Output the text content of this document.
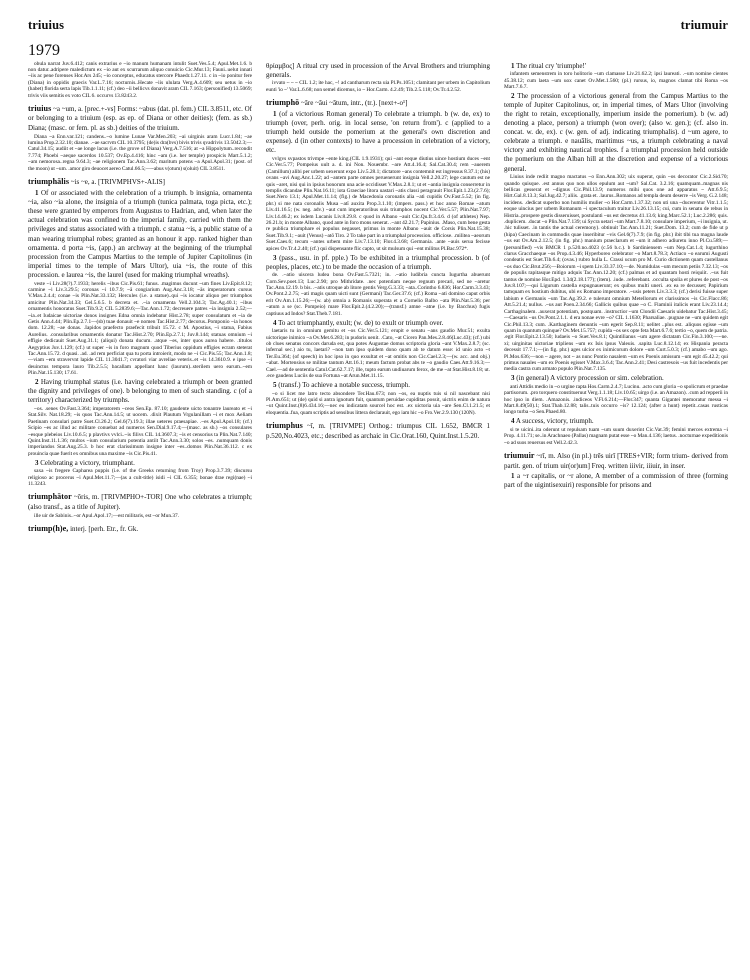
triuius	triumuir
1979
obula narrat Juv.6.412; canis extrarius e ~io manum humanam intulit Suet.Ves.5.4; Apul.Met.1.6. b non datur..adripere maledictum ex ~io aut ex scurrarum aliquo conuicio Cic.Mur.13; Fauni..uelut innati ~iis ac pene forenses Hor.Ars 245; ~io conceptus, educatus stercore Phaedr.1.27.11. c in ~io ponitur fere (Diana) in oppidis graecis Var.L.7.16; nocturnis..Hecate ~iis ululata Verg.A.4.609; seu uetus in ~io (habet) florida serta lapis Tib.1.1.11; (cf.) deo ~ii bellicvs donavit aram CIL 7.163; (personified) 13.5069; trivis viis semitis ex voto CIL 6. occurvs 13.8243.2.
triuius ~a ~um, a. [prec.+-vs] Forms: ~abus (dat. pl. fem.) CIL 3.8511, etc. Of or belonging to a triuium (esp. as ep. of Diana or other deities); (fem. as sb.) Diana; (masc. or fem. pl. as sb.) deities of the triuium.
Diana ~a Enn.var.121; candens..~o lumine Lunae Var.Men.203; ~ai uirginis aram Lucr.1.84; ~ae lumina Prop.2.32.10; dianae. .~ae sacrvm CIL 10.3795; (de)is dra(bvs) bivis trivis qvadrivis 13.5042.3;—Catul.34.15; audiit et ~ae longe lacus (i.e. the grove of Diana) Verg.A.7.516; at ~a Hippolytum..recondit 7.774; Phoebi ~aeque sacerdos 10.537; Ov.Ep.4.416; hinc ~am (i.e. her temple) prospicis Mart.5.1.2; ~am nemorosa..regna 9.64.3; ~ae religionem Tac.Ann.3.62; maritum potens ~a Apul.Apol.31; (post. of the moon) ut ~um. .amor giro deuocet aereo Catul.66.5;—~abus v(otum) s(oluit) CIL 3.8511.
triumphālis ~is ~e, a. [TRIVMPHVS+-ALIS]
1 Of or associated with the celebration of a triumph. b insignia, ornamenta ~ia, also ~ia alone, the insignia of a triumph (tunica palmata, toga picta, etc.); these were granted by emperors from Augustus to Hadrian, and, when later the actual celebration was confined to the imperial family, carried with them the privileges and status associated with a triumph. c statua ~is, a public statue of a man wearing triumphal robes; granted as an honour it app. ranked higher than ornamenta. d porta ~is, (app.) an archway at the beginning of the triumphal procession from the Campus Martius to the temple of Jupiter Capitolinus (in imperial times to the temple of Mars Ultor), uia ~is, the route of this procession. e laurea ~is, the laurel (used for making triumphal wreaths).
veste ~i Liv.28(?).7.1933; herelis ~ibus Cic.Pis.61; funus. .magimus ducunt ~um fines Liv.Epit.8.12; carmine ~i Liv.3.29.5; coronas ~i 10.7.9; ~ā congiarium Aug.Anc.3.18; ~ās imperatorum cursus V.Max.2.4.4; conae ~is Plin.Nat.33.132; Hercules (i.e. a statue)..qui ~is iocatur aliquo per triumphos amicitur Plin.Nat.34.33; Gel.5.6.5. b decreta et. .~ia ornamenta Vell.2.104.3; Tac.Ag.40.1; ~ibus ornamentis honoratus Suet.Tib.9.2; CIL 5.2839.6;—Tac.Ann.1.72; decreuere patres ~ia insignia 2.52;—~ia..et Iudaicae uictoriae donos insignes Edna omnia indebatur Hist.2.78; super consulatum et ~ia de Getis Ann.4.44; Plin.Ep.2.7.1—(sb) tuae donauit ~e nomen Tac.Hist.2.77; decorus..Pomponio ~ia honos dom. 12.28; ~ae donas. .Iapidos praefecto praefecit tribuit 15.72. c M. Apostius, ~i statua, Fabius Aurelius. .consularibus ornamentis donatur Tac.Hist.2.70; Plin.Ep.2.7.1; Juv.8.144; statuas omnium ~i effigie dedicauit Suet.Aug.31.1; (aliqui) donata ducum. .atque ~es, inter quos aurea habere. .titulos Aegyptius Juv.1.129; (cf.) ut super ~is in foro magnum quod Tiberius oppidum effigies ecram steterat Tac.Ann.15.72. d quasi. .ad. .ad rem perficiat qua tu porta introierit, modo ne ~i Cic.Pis.55; Tac.Ann.1.8;—viam ~em stravervnt lapide CIL 11.3041.7; cvratori viar avreliae veteris..et ~is 14.3610.9. e ipse ~i deuinctus tempora lauro Tib.2.5.5; bacallam appellant hanc (laurum)..sterilem uero earum..~em Plin.Nat.15.130; 17.61.
2 Having triumphal status (i.e. having celebrated a triumph or been granted the dignity and privileges of one). b belonging to men of such standing. c (of a territory) characterized by triumphs.
~os. .senes Ov.Fast.3.364; imperatorem ~ceos Sen.Ep. 87.10; gaudente uicto tonantre laureato et ~i Stat.Silv. Nat.18.29; ~is quos Tac.Ann.14.5; ut uocem. .dixit Plautum Vrgulanillam ~i et mox Aeliam Paetinam consulari patre Suet.Cl.26.2; Gel.6(7).19.3; illae ueteres praesapiae. .~es Apul.Apol.18; (cf.) Scipio ~es ac illud ac militare conuebat ad numeros Sen.Dial.9.17.4;—(masc. as sb.) ~os consulares ~esque plebeios Liv.10.6.5; p plavtivs vvlci..~is filivs CIL 14.3607.3; ~is et censorius ta Plin.Nat.7.140; Quint.Inst.11.1.36; multos ~ium consularium potentia antiit Tac.Ann.3.30; solos ~es. .numquam donis imperiandos Stat.Aug.25.3. b hoc erat clarissimum insigne inter ~es..domos Plin.Nat.36.112. c ex prouincia quae fuerit ex omnibus una maxime ~is Cic.Pis.41.
3 Celebrating a victory, triumphant.
saxa ~is fregere Capharea puppis (i.e. of the Greeks returning from Troy) Prop.3.7.39; discursu religioso ac procerus ~i Apul.Met.11.7;—(as a cult-title) isidi ~i CIL 6.355; bonae drae regi(nae) ~i 11.3243.
triumphātor ~ōris, m. [TRIVMPHO+-TOR] One who celebrates a triumph; (also transf., as a title of Jupiter).
ille uir de Sabinis..~or Apul.Apol.17;—est militaris, est ~or Mun.37.
triump(h)e, interj. [perh. Etr., fr. Gk.
θρίαμβος] A ritual cry used in procession of the Arval Brothers and triumphing generals.
ivvato ~ ~ ~ CIL 1.2; ite hac, ~! ad cantharum recta uia Pl.Ps.1051; clamitant per urbem in Capitolium eunti 'io ~' Var.L.6.68; non semel dicemus, io ~ Hor.Carm. 4.2.49; Tib.2.5.118; Ov.Tr.4.2.52.
triumphō ~āre ~āui ~ātum, intr., (tr.). [next+-o¹]
1 (of a victorious Roman general) To celebrate a triumph. b (w. de, ex) to triumph (over, perh. orig. in local sense, 'on return from'). c (applied to a triumph held outside the pomerium at the general's own discretion and expense). d (in other contexts) to have a procession in celebration of a victory, etc.
vvlgvs svpastos trivmpe ~ente king.(CIL 1.9.1931); qui ~ant eoque diutius uince hostium duces ~ent Cic.Ver.5.77; Pompeius uult a. d. ini Non. Nouembr. ~are Att.4.16.4; Sal.Cat.30.4; rem ~auerem (Camillum) alibi per urbem uexerunt expo Liv.5.28.1; dictatore ~ans contemnit est ingressus 8.37.1; (his) ovans ~avi Aug.Anc.1.22; ad ~antem parte omnes peruenerunt insignia Vell.2.20.27; lege cautum est ne quis ~aret, nisi qui in ipsius honorum una acie occidisset V.Max.2.8.1; ut et ~antia insignia conserretur in templis dicandae Plin.Nat.16.11; iota Graeciae litora uastari ~atis classi peragrauit Flor.Epit.1.23.(2.7.6); Suet.Nero 13.1; Apul.Met.11.14; (fig.) de Macedonia coronatis alia ~ati cupidis Ov.Fast.5.52; (in fig. phr.) si me nata coronalis Musa ~atī auxita Prop.3.1.10; (impers. pass.) et hoc anno Romae ~atum Liv.41.16.5; (w. neg. adv.) ~aut cum imperatoribus suis triumphos nocent Cic.Ver.5.57; Plin.Nat.7.97; Liv.14.46.2; ex isdem Lucanis Liv.8.29.8. c quod in Albano ~auit Cic.Qu.fr.3.4.6. d (of athletes) Nep. 26.21.b; in monte Albano, quod ante in foro mons senerat. .~ant 42.21.7; Papinius. .Maso, cum bene gesta re publica triumphare ei populus negasset, primus in monte Albano ~auit de Corsis Plin.Nat.15.38; Suet.Tib.9.1; ~auit (Venus) ~atō Tiro. 2 To take part in a triumphal procession. officiose. .militea ~aeorum Suet.Caes.6; tecum ~antes urbem mire Liv.7.13.10; Flor.4.3.68; Germania. .ante ~auis serua fecisse apices Ov.Tr.4.2.40; (cf.) qui dispensante flic capto, ut sit mulsum qui ~ent militus Pl.Bac.972*.
3 (pass., usu. in pf. pple.) To be exhibited in a triumphal procession. b (of peoples, places, etc.) to be made the occasion of a triumph.
de. .~atio uiscera ludea bona Ov.Fast.5.7321; in. .~atio ludibria cuncta Iugurtha abuerunt Corn.Sev.poet.13; Luc.2.90; pro Mithridate. .nec potentiam neque regnum precari, sed ne ~aretur Tac.Ann.12.19. b bis. .~atis utroque ab litore gentis Verg.G.3.33; ~ata..Corintho 6.836; Hor.Carm.3.3.43; Ov.Pont.2.2.75; ~ati magis quam uicti sunt (Germani) Tac.Ger.37.6; (cf.) Roma ~ati domino caput orbis erit Ov.Am.1.15.26;—(w. ab) omnia a Romanis superata et a Cornelio Balbo ~ata Plin.Nat.5.36; per ~atum a se (sc. Pompeio) mare Flor.Epit.2.(4.2.20);—(transf.) amne ~atne (i.e. by Bacchus) fugis captiuus ad Indos? Stat.Theb.7.181.
4 To act triumphantly, exult; (w. de) to exult or triumph over.
laetaris tu in omnium gemitu et ~os Cic.Ver.5.121; erupit e senatu ~ans gaudio Mur.51; exulta uictorique inimico ~a Ov.Met.6.283; in pudoris uenit. .Cato, ~at Cicero Pan.Mes.2.8.46(Luc.43); (cf.) ubi ob clues senatus concors daruda est, qua potes Augustae domus scriptoria gloria ~ant V.Max.2.8.7; (sc. infernal sec.) aio tu, laetari? ~non tam ipso quidem dono quam ab te datum esse: id unio acto ~t Ter.Eu.364; (of speech) in hoc ipso in quo exsultat et ~at omitis non Cic.Cael.2.3;—(w. acc. and obj.) ~abat. Mortensius se militae tantum Att.16.1; meum factum probat abs te ~o gaudio Caes.Att.9.16.3;—Cael.—ad de sententia Catul.Cat.62.7.17; ille, tupto earum undiuarum ferox, de me ~at Stat.Hist.8.18; ut. .ece gaudens Luciis de sua Fortuna ~at Arun.Met.11.15.
5 (transf.) To achieve a notable success, triumph.
~o si licet me latro tecto absondere Ter.Hau.673; non ~os, ea nuptis tuis si nil nascebant nisi Pl.Am.651; ut (de) quid si antra ignotum fuit, quantum peruidae cupiditas possit, uictrix enim de natura ~ut Quint.Inst.(8)6.434.16;—nec eu indicatam sourcel hoc est. .ex uictoria uia ~are Sen.Cl.1.21.5; et eloquentia..fua, quam scriptis ad sensibus littera declarauit, ego iam hic ~o Fro.Ver.2.9.130 (120N).
triumphus ~ī, m. [TRIVMPE] Orthog.: triumpus CIL 1.652, BMCR 1 p.520,No.4023, etc.; described as archaic in Cic.Orat.160, Quint.Inst.1.5.20.
1 The ritual cry 'triumphe!'
infantem semenstrem in toro holitorio ~um clamasse Liv.21.62.2; ipsi laureati. .~um nomine cientes 45.38.12; cum laeta ~um uox canet Ov.Met.1.560; (pl.) rursus, io, magnos clamat tibi Roma ~os Mart.7.6.7.
2 The procession of a victorious general from the Campus Martius to the temple of Jupiter Capitolinus, or, in imperial times, of Mars Ultor (involving the right to retain, exceptionally, imperium inside the pomerium). b (w. ad) denoting a place, person) a triumph (won over); (also w. gen.); (cf. also in. concat. w. de, ex). c (w. gen. of adj. indicating triumphalis). d ~um agere, to celebrate a triumph. e nauālis, maritimus ~us, a triumph celebrating a naval victory and exhibiting nautical trophies. f a triumphal procession held outside the pomerium on the Alban hill at the discretion and expense of a victorious general.
Liuius inde rediit magno mactatus ~o Enn.Ann.302; uix superat, quin ~os decorator Cic.2.Sid.70; quando quisque. .est annus quo non ullos epulum aut ~um? Sal.Cat. 3.2.16; quamquam..magnas nis bellicas gesserat et ~dignus Cic.Phil.13.9; numeros mihi quos one ad apparatus ~ Att.6.9.5; Hirt.Gal.8.13.3; Sal.Jug.42.7; aliis. .grata et. .laurus..Romanos ad templa deum deserre ~is Verg. G.2.148; incidens. .dedicat superbo non humilis mulier ~o Hor.Carm.1.37.32; non uti una ~ducerentur Vitr.1.1.5; eoque uincius per urbem Romanum ~i spectaculum traitur Liv.26.13.15; cui, cum in senatu de rebus in Histria..prospere gestis disseruisset, postulanti ~us est decretus 41.13.6; king.Marc.52.1; Luc.2.286; quis. .duplicem. .ducat ~o Plin.Nat.7.139; ui Sycra uetari ~um Mart.7.8.10; consulare imperium, ~i insignia, ut. .hic tulisset. .in tantis the actual ceremony). obtinuit Tac.Ann.11.21; Suet.Dom. 13.2; cum de fide ut p (hipa) Caecinam in commodis quae inseribitur ~vis Gel.6(7).7.9; (in fig. phr.) ibit tibi tua magna laude ~us eat Ov.Am.2.12.5; (in fig. phr.) manium praeclarum et ~um it adhero adiuretu inno Pl.Cu.589;—(personified) ~vis BMCR 1 p.520.no.4023 (c.56 b.c.). b Sardiniensem ~um Nep.Cat.1.4; lugurthino clarus Gracchaeque ~os Prop.4.3.46; Hyperboreo celebrator ~o Mart.8.78.3; Actiaco ~o earumi Augusti condeatis est Suet.Tib.6.4; (ovas.) rubro hulla L. Crassi ucum pro M. Curio dictionem quam castellanus ~os duo Cic.Brut.256;—Boiorum ~i spem Liv.33.37.10;—de. Numidulas ~um mecum petiis 7.32.13; ~os de populis rapitasque mitigo adquis Tac.Ann.12.20; (cf.) palmas et ad quantam hosti reiquiit. .~us fuit tantus de nomine Hor.Epd. 1.34(2.18.177); (item). .iude. .referebant. .occulta spolia et plures de post ~os Juv.8.107;—qui Ligurum castella expugnauerunt; ex quibus multi uneri. .ex ea re decusset; Papirium tamquam ex hostium dubitus, ubi ex Romano imperatore. .~usis peters Liv.3.3.3; (cf.) derisi fuisse super labium e Germanis ~um Tac.Ag.39.2. e tulerunt omnium Metellorum et clarissimos ~is Cic.Flacc.86; Att.5.21.4; nullus. .~us aut Poen.2.34.66; Gallicis quibus quae ~o C. Flaminii italicis erant Liv.23.14.4; Carthaginalem. .auxerat potentiam, postquam. .instructior ~um Clondii Caesaris uidebatur Tac.Hist.3.45;—Caesaris ~us Ov.Pont.2.1.1. d era nonae evre ~o? CIL 1.1630; Pharsaliae. .pugnae ne ~um quidem egit Cic.Phil.13.3; cum. .Karthaginem denuntis ~um egerit Sep.8.11; uelitet ..plus est. .aliquos egisse ~um quam in quantum quinque? Ov.Met.15.757; cupida ~os sex opte feta Mart.6.7.6; tertio ~o, quem de patria. .egit Flor.Epit.2.13.50; ludaeis ~o Suet.Ves.8.1; Quintilianus ~um agere dictatam Cic.Fin.3.100;—~ne. xi; uirginitas uictoriae tripliens ~um ex Isis ipsus Valeuis. .sapita Luc.8.12.14; ex Hispania peracta decessit 17.7.1;—(in fig. phr.) ages ulcior ex inimicorum dolore ~um Curt.5.0.3; (cf.) amabo ~um ago. Pl.Mos.636;—non ~ agere, not ~ as nunc Pontio nasalem ~um ex Poenis amissum ~um egit 45.42.2; qui primus nauales ~um ex Poenis egisset V.Max.3.6.4; Tac.Ann.2.41; Desi castresois ~us fuit incedentis per media castra cum armato populo Plin.Nat.7.135.
3 (in general) A victory procession or sim. celebration.
anti Attidis medio in ~o urgine rapta Hos.Carm.2.4.7; Lucinu. .acto cum gloria ~o spolicrum et praedae partisorum. .pro torquero constitueruut Verg.1.1.18; Liv.10.65; uirgo (i.e. an Amazon). .cum ad repperii in hoc ipso in diem. .Amazonis. .indiceos V.Fl.6.214;—Flor.347; quanta Gigantei memoratur messa ~i Mart.8.49(50).1; Stat.Thab.12.88; talis..tuis occurro ~is? 12.124; (after a hunt) repetit..casas rusticas longo turba ~o Sen.Phaed.80.
4 A success, victory, triumph.
si te uicini..ita oderunt ut repulsam tuam ~um suum duxerint Cic.Vat.39; femini merces extrema ~i Prop. 4.11.71; se..in Arachnaeo (Pallas) magnam putat esse ~o Man.4.136; laetus. .nocturnae expeditionis ~o ad suos reuersus est Vell.2.42.3.
triumuir ~rī, m. Also (in pl.) trēs uirī [TRES+VIR; form trium- derived from partit. gen. of trium uir(or)um] Freq. written iiivir, iiiuir, in inser.
1 a ~r capitalis, or ~r alone, A member of a commission of three (forming part of the uigintisexuiri) responsible for prisons and
